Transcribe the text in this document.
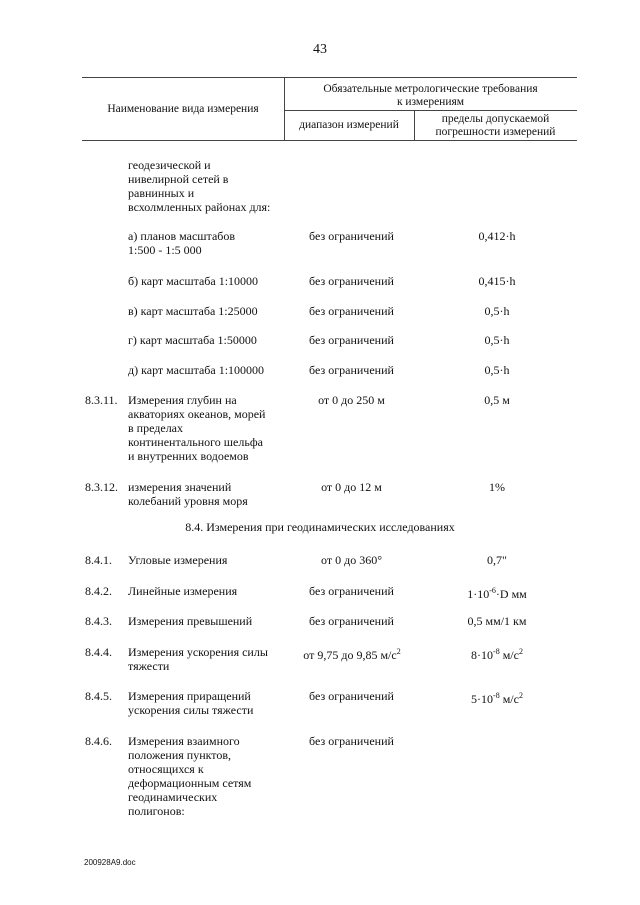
43
Наименование вида измерения
Обязательные метрологические требования
к измерениям
диапазон измерений	пределы допускаемой
погрешности измерений
геодезической и
нивелирной сетей в
равнинных и
всхолмленных районах для:
а) планов масштабов
1:500 - 1:5 000
без ограничений	0,412·h
б) карт масштаба 1:10000	без ограничений	0,415·h
в) карт масштаба 1:25000	без ограничений	0,5·h
г) карт масштаба 1:50000	без ограничений	0,5·h
д) карт масштаба 1:100000	без ограничений	0,5·h
8.3.11. Измерения глубин на
акваториях океанов, морей
в пределах
континентального шельфа
и внутренних водоемов
от 0 до 250 м	0,5 м
8.3.12. измерения значений
колебаний уровня моря
от 0 до 12 м	1%
8.4. Измерения при геодинамических исследованиях
8.4.1. Угловые измерения	от 0 до 360°	0,7"
8.4.2. Линейные измерения	без ограничений	$1\cdot 10^{-6}\cdot D$ мм
8.4.3. Измерения превышений	без ограничений	0,5 мм/1 км
8.4.4. Измерения ускорения силы
тяжести
от 9,75 до 9,85 $м/с^2$	$8\cdot 10^{-8}$ $м/с^2$
8.4.5. Измерения приращений
ускорения силы тяжести
без ограничений	$5\cdot 10^{-8}$ $м/с^2$
8.4.6. Измерения взаимного
положения пунктов,
относящихся к
деформационным сетям
геодинамических
полигонов:
без ограничений
200928A9.doc
